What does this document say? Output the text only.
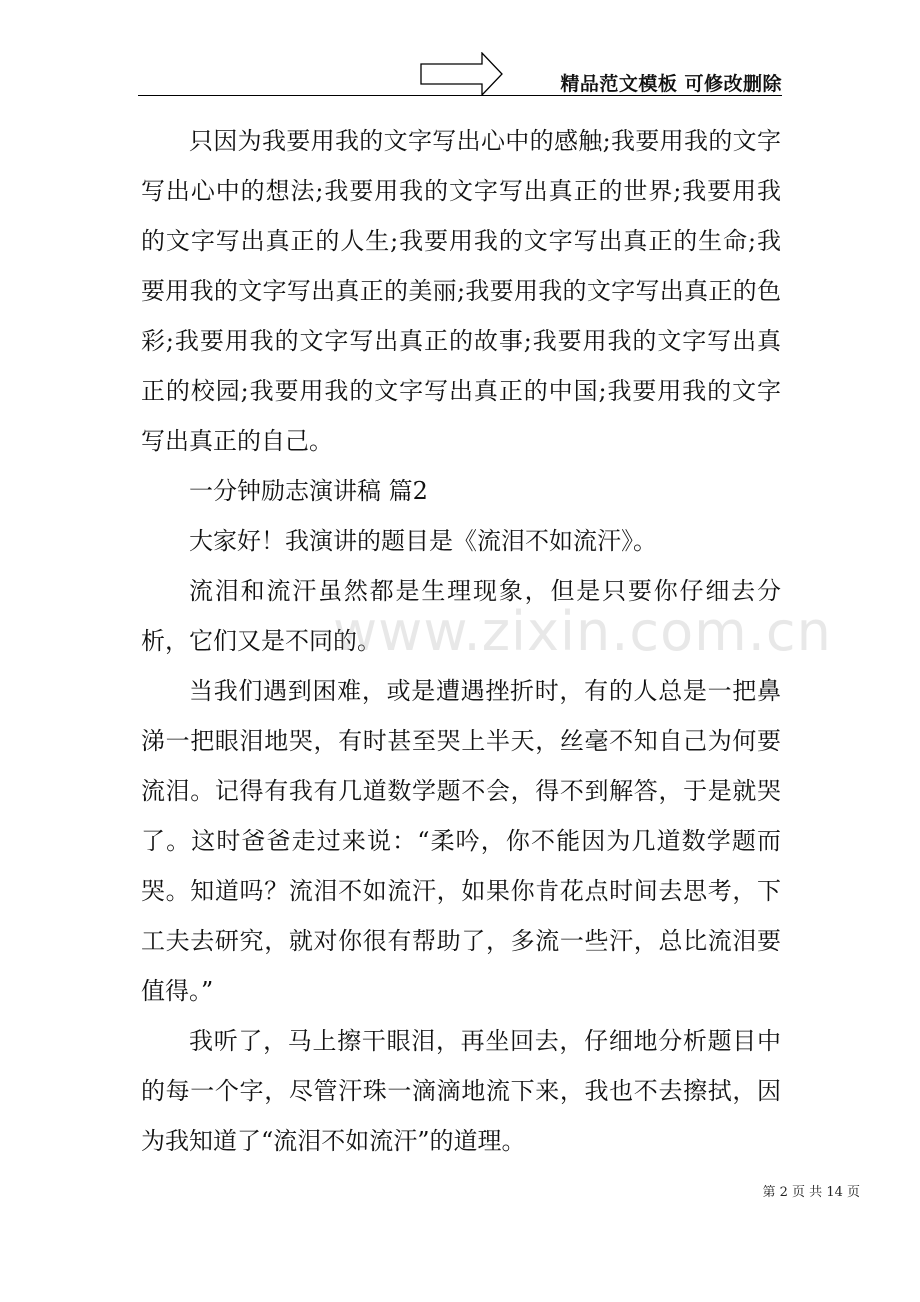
精品范文模板 可修改删除

只因为我要用我的文字写出心中的感触;我要用我的文字写出心中的想法;我要用我的文字写出真正的世界;我要用我的文字写出真正的人生;我要用我的文字写出真正的生命;我要用我的文字写出真正的美丽;我要用我的文字写出真正的色彩;我要用我的文字写出真正的故事;我要用我的文字写出真正的校园;我要用我的文字写出真正的中国;我要用我的文字写出真正的自己。

一分钟励志演讲稿 篇2

大家好！我演讲的题目是《流泪不如流汗》。

流泪和流汗虽然都是生理现象，但是只要你仔细去分析，它们又是不同的。

当我们遇到困难，或是遭遇挫折时，有的人总是一把鼻涕一把眼泪地哭，有时甚至哭上半天，丝毫不知自己为何要流泪。记得有我有几道数学题不会，得不到解答，于是就哭了。这时爸爸走过来说：“柔吟，你不能因为几道数学题而哭。知道吗？流泪不如流汗，如果你肯花点时间去思考，下工夫去研究，就对你很有帮助了，多流一些汗，总比流泪要值得。”

我听了，马上擦干眼泪，再坐回去，仔细地分析题目中的每一个字，尽管汗珠一滴滴地流下来，我也不去擦拭，因为我知道了“流泪不如流汗”的道理。

www.zixin.com.cn
第 2 页 共 14 页
